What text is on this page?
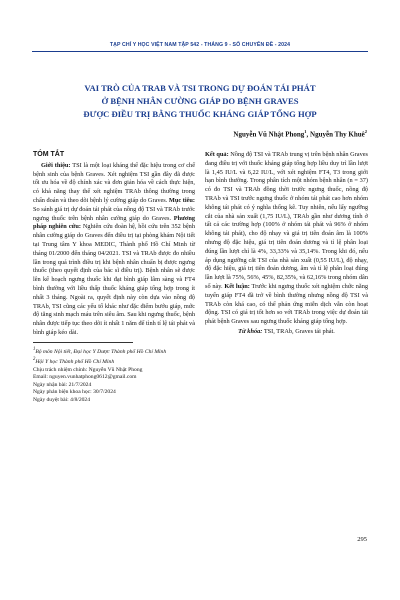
TẠP CHÍ Y HỌC VIỆT NAM TẬP 542 - THÁNG 9 - SỐ CHUYÊN ĐỀ - 2024
VAI TRÒ CỦA TRAB VÀ TSI TRONG DỰ ĐOÁN TÁI PHÁT
Ở BỆNH NHÂN CƯỜNG GIÁP DO BỆNH GRAVES
ĐƯỢC ĐIỀU TRỊ BẰNG THUỐC KHÁNG GIÁP TỔNG HỢP
Nguyễn Vũ Nhật Phong$^1$, Nguyễn Thy Khuê$^2$
TÓM TẮT

Giới thiệu: TSI là một loại kháng thể đặc hiệu trong cơ chế bệnh sinh của bệnh Graves. Xét nghiệm TSI gần đây đã được tối ưu hóa về độ chính xác và đơn giản hóa về cách thực hiện, có khả năng thay thế xét nghiệm TRAb thông thường trong chẩn đoán và theo dõi bệnh lý cường giáp do Graves. Mục tiêu: So sánh giá trị dự đoán tái phát của nồng độ TSI và TRAb trước ngưng thuốc trên bệnh nhân cường giáp do Graves. Phương pháp nghiên cứu: Nghiên cứu đoàn hệ, hồi cứu trên 352 bệnh nhân cường giáp do Graves đến điều trị tại phòng khám Nội tiết tại Trung tâm Y khoa MEDIC, Thành phố Hồ Chí Minh từ tháng 01/2000 đến tháng 04/2021. TSI và TRAb được đo nhiều lần trong quá trình điều trị khi bệnh nhân chuẩn bị được ngưng thuốc (theo quyết định của bác sĩ điều trị). Bệnh nhân sẽ được lên kế hoạch ngưng thuốc khi đạt bình giáp lâm sàng và FT4 bình thường với liều thấp thuốc kháng giáp tổng hợp trong ít nhất 3 tháng. Ngoài ra, quyết định này còn dựa vào nồng độ TRAb, TSI cũng các yếu tố khác như đặc điểm bướu giáp, mức độ tăng sinh mạch máu trên siêu âm. Sau khi ngưng thuốc, bệnh nhân được tiếp tục theo dõi ít nhất 1 năm để tình tí lệ tái phát và bình giáp kéo dài.

$^1$Bộ môn Nội tiết, Đại học Y Dược Thành phố Hồ Chí Minh
$^2$Hội Y học Thành phố Hồ Chí Minh
Chịu trách nhiệm chính: Nguyễn Vũ Nhật Phong
Email: nguyen.vunhatphong0612@gmail.com
Ngày nhận bài: 21/7/2024
Ngày phản biện khoa học: 30/7/2024
Ngày duyệt bài: 4/8/2024

Kết quả: Nồng độ TSI và TRAb trung vị trên bệnh nhân Graves đang điều trị với thuốc kháng giáp tổng hợp liều duy trì lần lượt là 1,45 IU/L và 6,22 IU/L, với xét nghiệm FT4, T3 trong giới hạn bình thường. Trong phân tích một nhóm bệnh nhân (n = 37) có đo TSI và TRAb đồng thời trước ngưng thuốc, nồng độ TRAb và TSI trước ngưng thuốc ở nhóm tái phát cao hơn nhóm không tái phát có ý nghĩa thống kê. Tuy nhiên, nếu lấy ngưỡng cắt của nhà sản xuất (1,75 IU/L), TRAb gần như dương tính ở tất cả các trường hợp (100% ở nhóm tái phát và 96% ở nhóm không tái phát), cho độ nhạy và giá trị tiên đoán âm là 100% nhưng độ đặc hiệu, giá trị tiên đoán dương và tỉ lệ phân loại đúng lần lượt chỉ là 4%, 33,33% và 35,14%. Trong khi đó, nếu áp dụng ngưỡng cắt TSI của nhà sản xuất (0,55 IU/L), độ nhạy, độ đặc hiệu, giá trị tiên đoán dương, âm và tỉ lệ phân loại đúng lần lượt là 75%, 56%, 45%, 82,35%, và 62,16% trong nhóm dân số này. Kết luận: Trước khi ngưng thuốc xét nghiệm chức năng tuyến giáp FT4 đã trở về bình thường nhưng nồng độ TSI và TRAb còn khá cao, có thể phản ứng miễn dịch vẫn còn hoạt động. TSI có giá trị tốt hơn so với TRAb trong việc dự đoán tái phát bệnh Graves sau ngưng thuốc kháng giáp tổng hợp.

Từ khóa: TSI, TRAb, Graves tái phát.
295
